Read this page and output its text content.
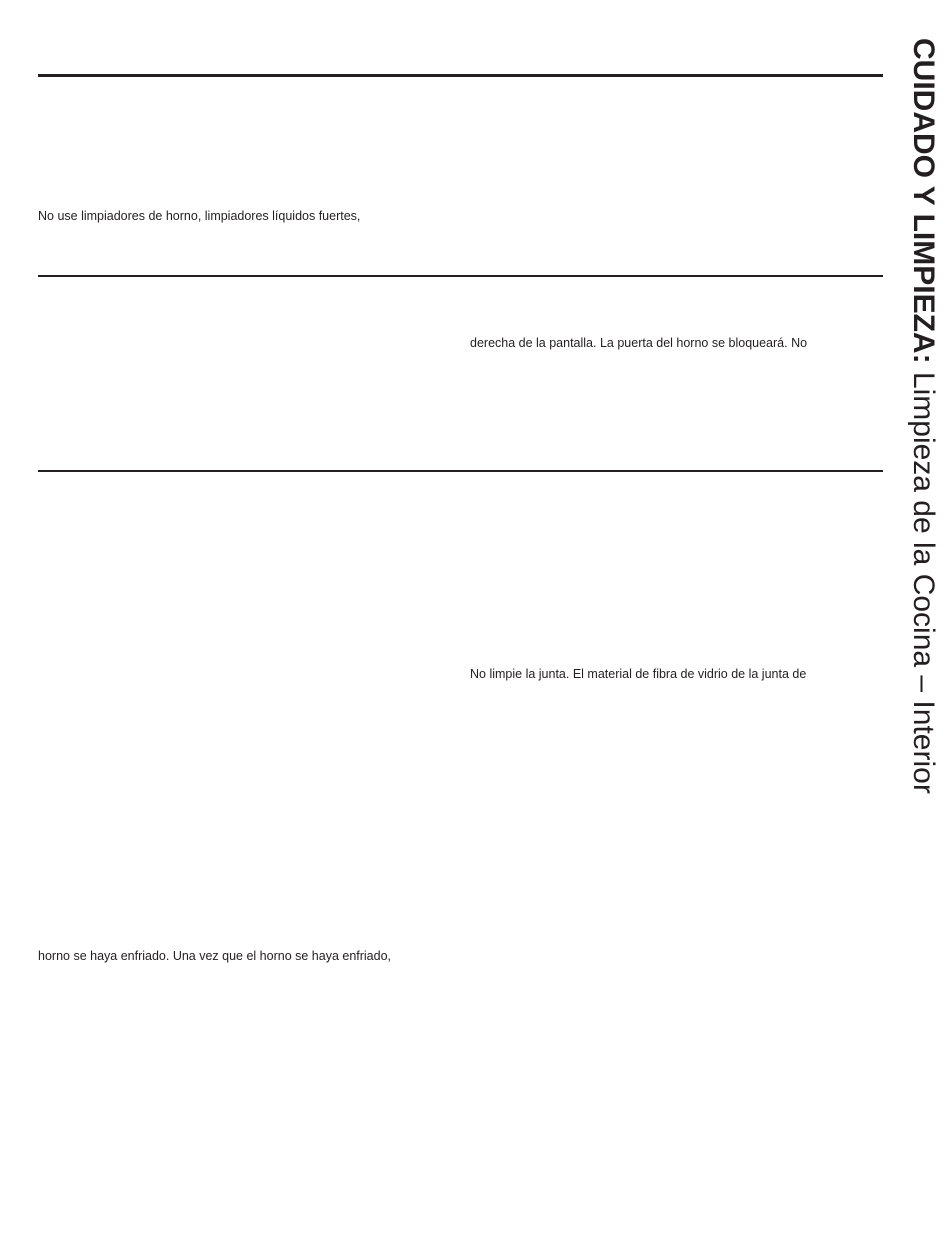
No use limpiadores de horno, limpiadores líquidos fuertes,

derecha de la pantalla. La puerta del horno se bloqueará. No

No limpie la junta. El material de fibra de vidrio de la junta de

horno se haya enfriado. Una vez que el horno se haya enfriado,

CUIDADO Y LIMPIEZA: Limpieza de la Cocina – Interior
